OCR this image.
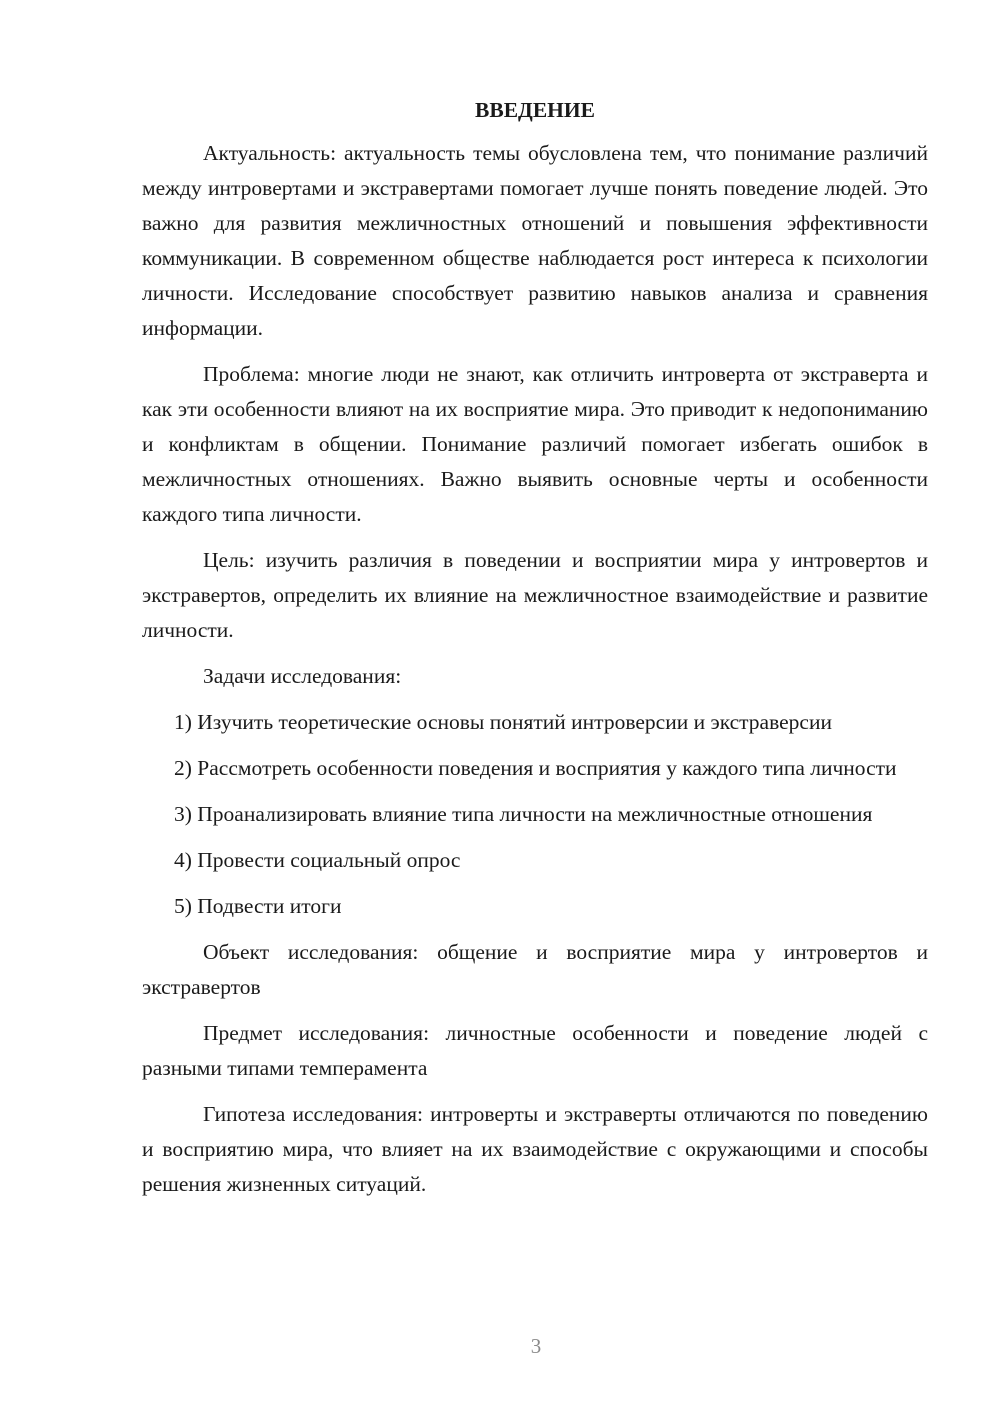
ВВЕДЕНИЕ

Актуальность: актуальность темы обусловлена тем, что понимание различий между интровертами и экстравертами помогает лучше понять поведение людей. Это важно для развития межличностных отношений и повышения эффективности коммуникации. В современном обществе наблюдается рост интереса к психологии личности. Исследование способствует развитию навыков анализа и сравнения информации.

Проблема: многие люди не знают, как отличить интроверта от экстраверта и как эти особенности влияют на их восприятие мира. Это приводит к недопониманию и конфликтам в общении. Понимание различий помогает избегать ошибок в межличностных отношениях. Важно выявить основные черты и особенности каждого типа личности.

Цель: изучить различия в поведении и восприятии мира у интровертов и экстравертов, определить их влияние на межличностное взаимодействие и развитие личности.

Задачи исследования:

1) Изучить теоретические основы понятий интроверсии и экстраверсии

2) Рассмотреть особенности поведения и восприятия у каждого типа личности

3) Проанализировать влияние типа личности на межличностные отношения

4) Провести социальный опрос

5) Подвести итоги

Объект исследования: общение и восприятие мира у интровертов и экстравертов

Предмет исследования: личностные особенности и поведение людей с разными типами темперамента

Гипотеза исследования: интроверты и экстраверты отличаются по поведению и восприятию мира, что влияет на их взаимодействие с окружающими и способы решения жизненных ситуаций.

3
